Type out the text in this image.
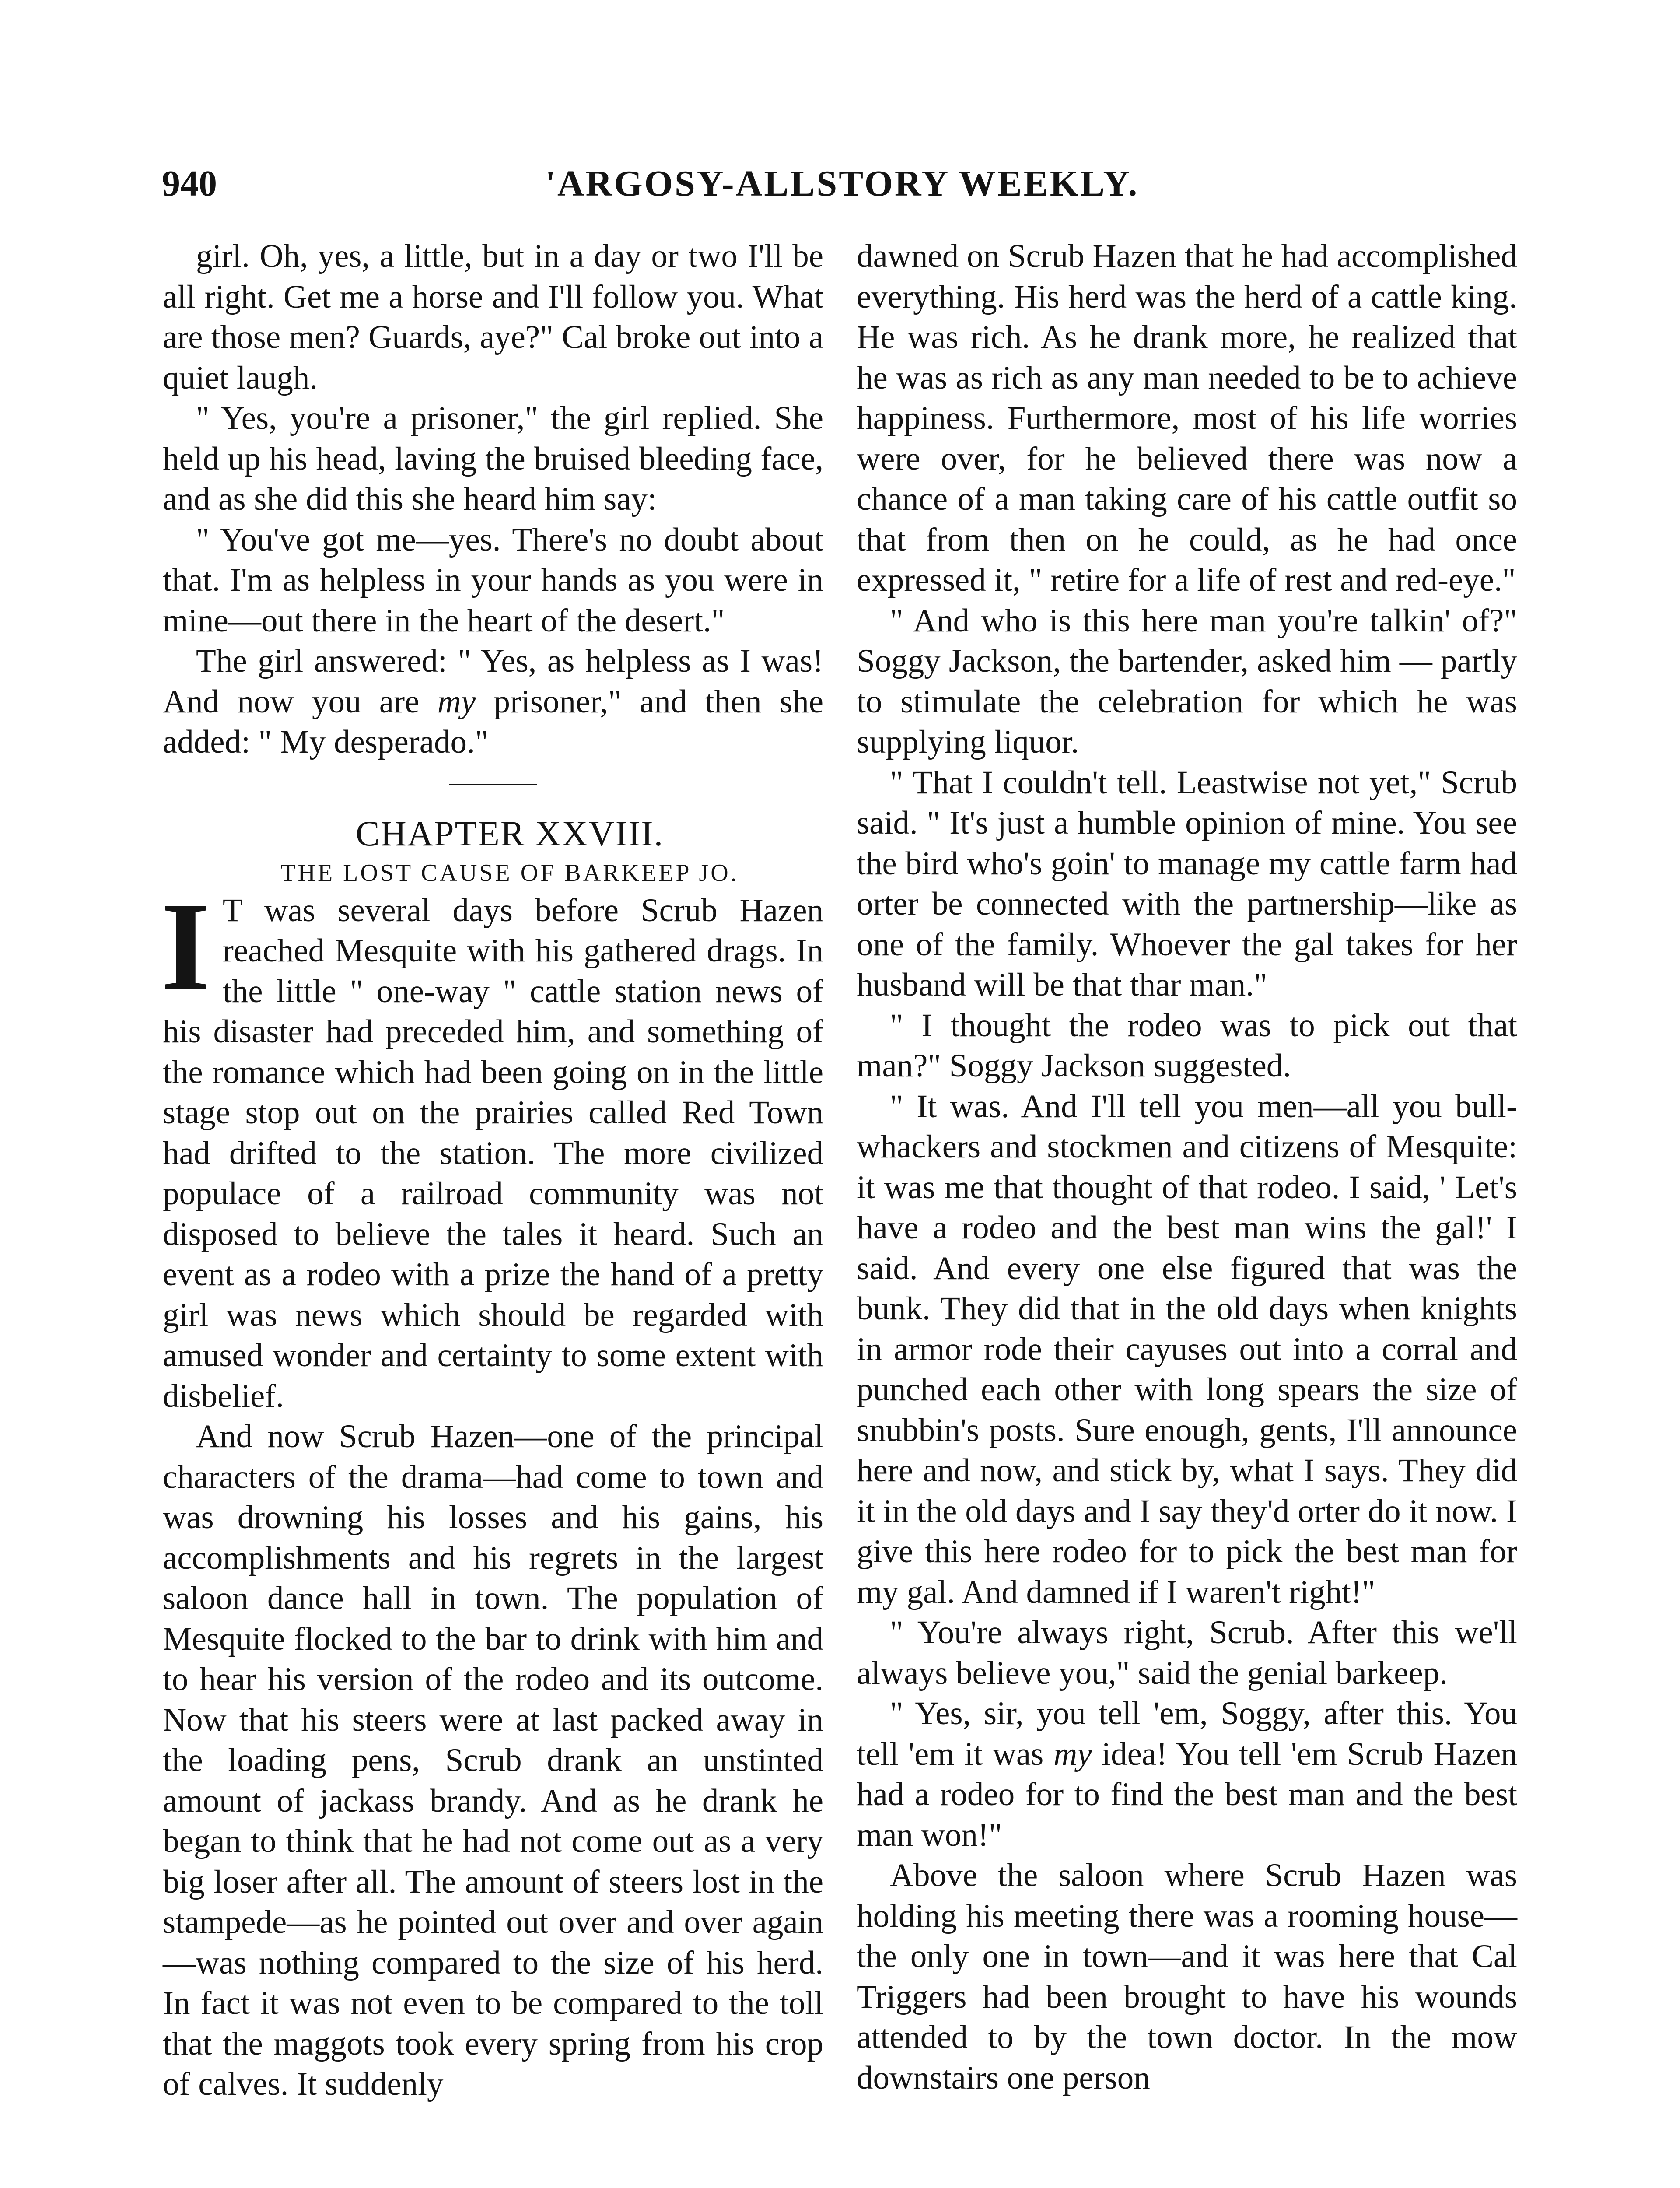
940	'ARGOSY-ALLSTORY WEEKLY.

girl. Oh, yes, a little, but in a day or two I'll be all right. Get me a horse and I'll follow you. What are those men? Guards, aye?" Cal broke out into a quiet laugh.

" Yes, you're a prisoner," the girl replied. She held up his head, laving the bruised bleeding face, and as she did this she heard him say:

" You've got me—yes. There's no doubt about that. I'm as helpless in your hands as you were in mine—out there in the heart of the desert."

The girl answered: " Yes, as helpless as I was! And now you are my prisoner," and then she added: " My desperado."

CHAPTER XXVIII.

THE LOST CAUSE OF BARKEEP JO.

I T was several days before Scrub Hazen reached Mesquite with his gathered drags. In the little " one-way " cattle station news of his disaster had preceded him, and something of the romance which had been going on in the little stage stop out on the prairies called Red Town had drifted to the station. The more civilized populace of a railroad community was not disposed to believe the tales it heard. Such an event as a rodeo with a prize the hand of a pretty girl was news which should be regarded with amused wonder and certainty to some extent with disbelief.

And now Scrub Hazen—one of the principal characters of the drama—had come to town and was drowning his losses and his gains, his accomplishments and his regrets in the largest saloon dance hall in town. The population of Mesquite flocked to the bar to drink with him and to hear his version of the rodeo and its outcome. Now that his steers were at last packed away in the loading pens, Scrub drank an unstinted amount of jackass brandy. And as he drank he began to think that he had not come out as a very big loser after all. The amount of steers lost in the stampede—as he pointed out over and over again—was nothing compared to the size of his herd. In fact it was not even to be compared to the toll that the maggots took every spring from his crop of calves. It suddenly

dawned on Scrub Hazen that he had accomplished everything. His herd was the herd of a cattle king. He was rich. As he drank more, he realized that he was as rich as any man needed to be to achieve happiness. Furthermore, most of his life worries were over, for he believed there was now a chance of a man taking care of his cattle outfit so that from then on he could, as he had once expressed it, " retire for a life of rest and red-eye."

" And who is this here man you're talkin' of?" Soggy Jackson, the bartender, asked him — partly to stimulate the celebration for which he was supplying liquor.

" That I couldn't tell. Leastwise not yet," Scrub said. " It's just a humble opinion of mine. You see the bird who's goin' to manage my cattle farm had orter be connected with the partnership—like as one of the family. Whoever the gal takes for her husband will be that thar man."

" I thought the rodeo was to pick out that man?" Soggy Jackson suggested.

" It was. And I'll tell you men—all you bull-whackers and stockmen and citizens of Mesquite: it was me that thought of that rodeo. I said, ' Let's have a rodeo and the best man wins the gal!' I said. And every one else figured that was the bunk. They did that in the old days when knights in armor rode their cayuses out into a corral and punched each other with long spears the size of snubbin's posts. Sure enough, gents, I'll announce here and now, and stick by, what I says. They did it in the old days and I say they'd orter do it now. I give this here rodeo for to pick the best man for my gal. And damned if I waren't right!"

" You're always right, Scrub. After this we'll always believe you," said the genial barkeep.

" Yes, sir, you tell 'em, Soggy, after this. You tell 'em it was my idea! You tell 'em Scrub Hazen had a rodeo for to find the best man and the best man won!"

Above the saloon where Scrub Hazen was holding his meeting there was a rooming house—the only one in town—and it was here that Cal Triggers had been brought to have his wounds attended to by the town doctor. In the mow downstairs one person
